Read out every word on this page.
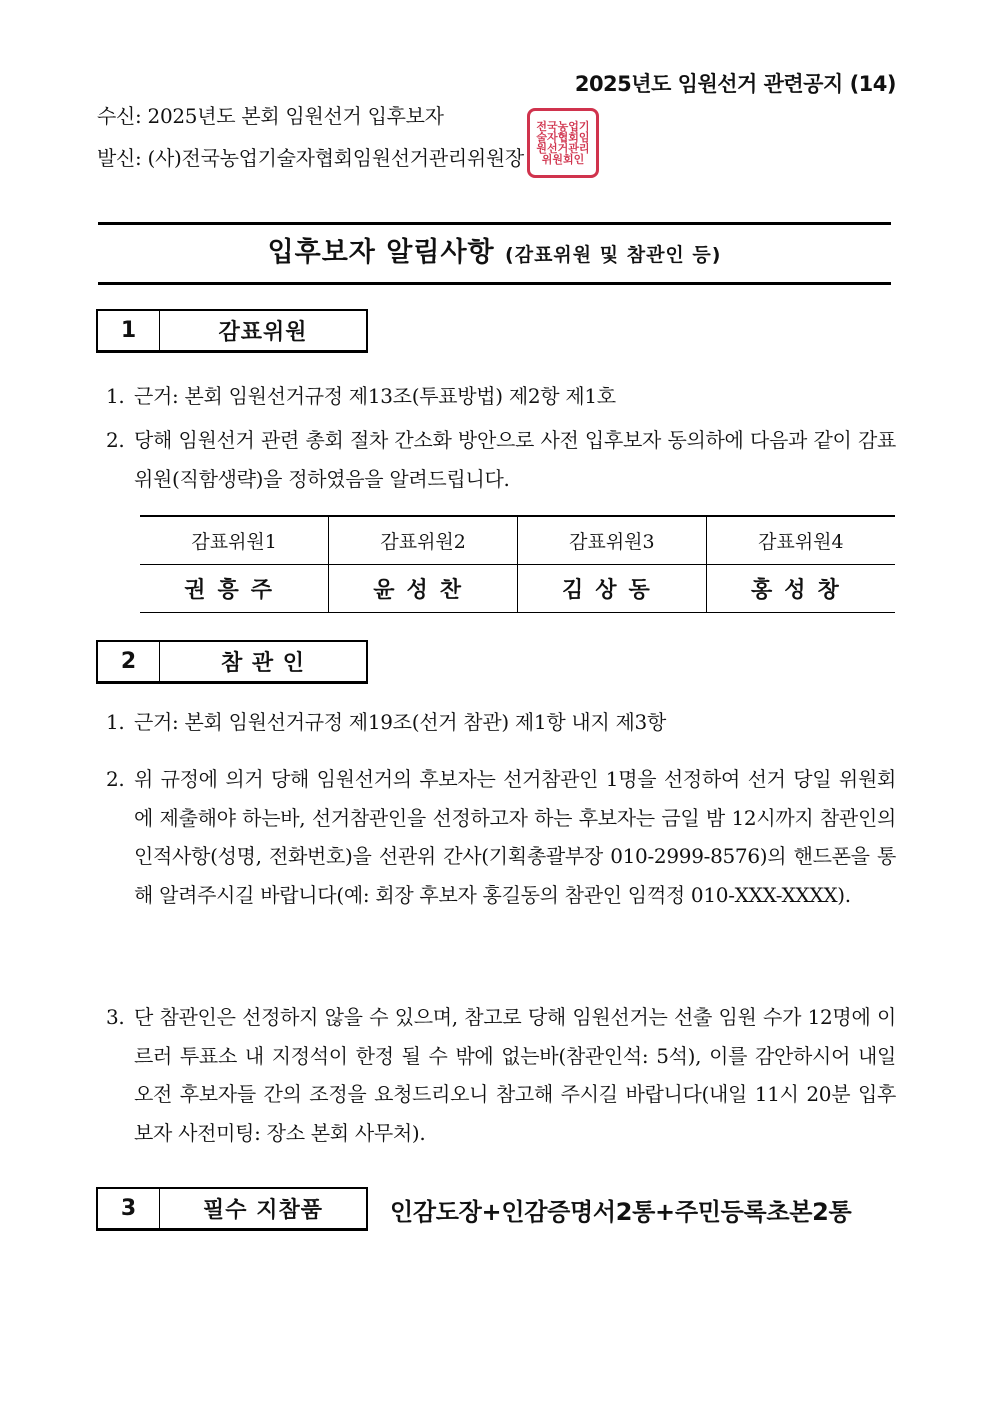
2025년도 임원선거 관련공지 (14)
수신: 2025년도 본회 임원선거 입후보자
발신: (사)전국농업기술자협회임원선거관리위원장
전국농업기술자협회임원선거관리위원회인
입후보자 알림사항 (감표위원 및 참관인 등)
1	감표위원
1. 근거: 본회 임원선거규정 제13조(투표방법) 제2항 제1호
2. 당해 임원선거 관련 총회 절차 간소화 방안으로 사전 입후보자 동의하에 다음과 같이 감표위원(직함생략)을 정하였음을 알려드립니다.
감표위원1	감표위원2	감표위원3	감표위원4
권흥주	윤성찬	김상동	홍성창
2	참 관 인
1. 근거: 본회 임원선거규정 제19조(선거 참관) 제1항 내지 제3항
2. 위 규정에 의거 당해 임원선거의 후보자는 선거참관인 1명을 선정하여 선거 당일 위원회에 제출해야 하는바, 선거참관인을 선정하고자 하는 후보자는 금일 밤 12시까지 참관인의 인적사항(성명, 전화번호)을 선관위 간사(기획총괄부장 010-2999-8576)의 핸드폰을 통해 알려주시길 바랍니다(예: 회장 후보자 홍길동의 참관인 임꺽정 010-XXX-XXXX).
3. 단 참관인은 선정하지 않을 수 있으며, 참고로 당해 임원선거는 선출 임원 수가 12명에 이르러 투표소 내 지정석이 한정 될 수 밖에 없는바(참관인석: 5석), 이를 감안하시어 내일 오전 후보자들 간의 조정을 요청드리오니 참고해 주시길 바랍니다(내일 11시 20분 입후보자 사전미팅: 장소 본회 사무처).
3	필수 지참품	인감도장+인감증명서2통+주민등록초본2통
